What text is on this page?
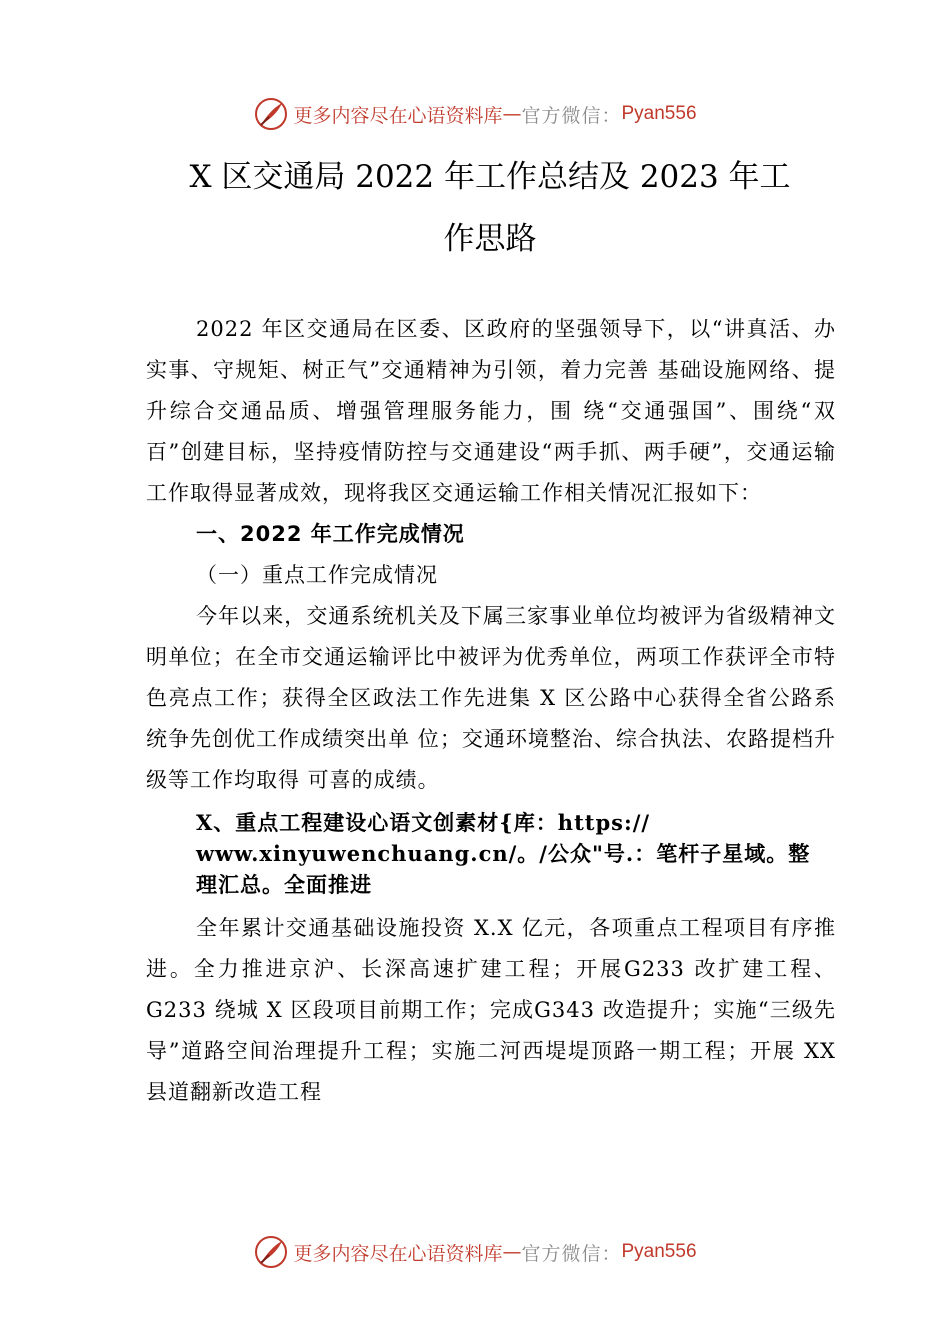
更多内容尽在心语资料库 — 官方微信： Pyan556
X 区交通局 2022 年工作总结及 2023 年工
作思路

2022 年区交通局在区委、区政府的坚强领导下，以“讲真活、办实事、守规矩、树正气”交通精神为引领，着力完善 基础设施网络、提升综合交通品质、增强管理服务能力，围 绕“交通强国”、围绕“双百”创建目标，坚持疫情防控与交通建设“两手抓、两手硬”，交通运输工作取得显著成效，现将我区交通运输工作相关情况汇报如下：

一、2022 年工作完成情况

（一）重点工作完成情况

今年以来，交通系统机关及下属三家事业单位均被评为省级精神文明单位；在全市交通运输评比中被评为优秀单位，两项工作获评全市特色亮点工作；获得全区政法工作先进集 X 区公路中心获得全省公路系统争先创优工作成绩突出单 位；交通环境整治、综合执法、农路提档升级等工作均取得 可喜的成绩。

X、重点工程建设心语文创素材{库：https://
www.xinyuwenchuang.cn/。/公众"号.：笔杆子星域。整
理汇总。全面推进

全年累计交通基础设施投资 X.X 亿元，各项重点工程项目有序推进。全力推进京沪、长深高速扩建工程；开展G233 改扩建工程、G233 绕城 X 区段项目前期工作；完成G343 改造提升；实施“三级先导”道路空间治理提升工程；实施二河西堤堤顶路一期工程；开展 XX 县道翻新改造工程

更多内容尽在心语资料库 — 官方微信： Pyan556
